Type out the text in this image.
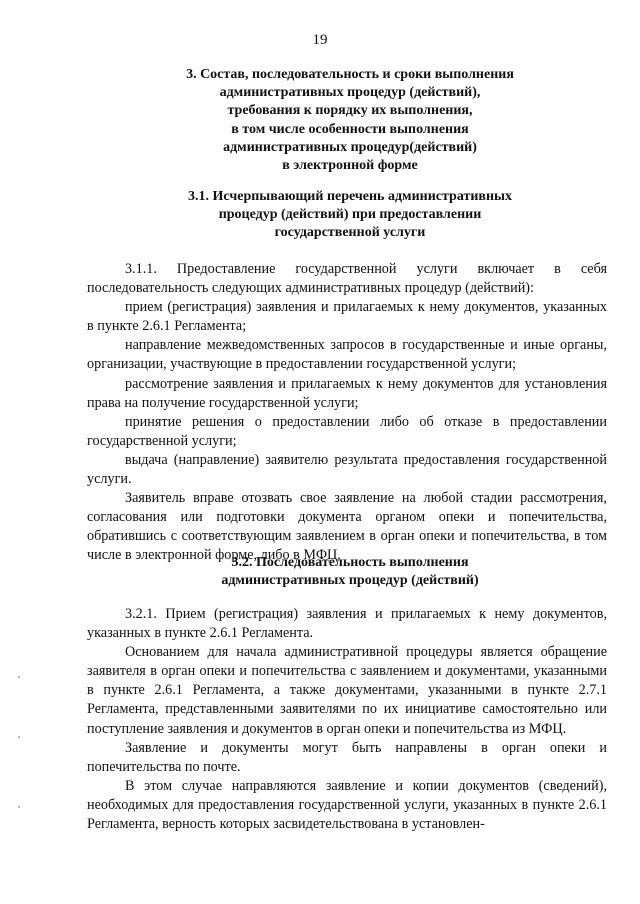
19
3. Состав, последовательность и сроки выполнения
административных процедур (действий),
требования к порядку их выполнения,
в том числе особенности выполнения
административных процедур(действий)
в электронной форме
3.1. Исчерпывающий перечень административных
процедур (действий) при предоставлении
государственной услуги

3.1.1. Предоставление государственной услуги включает в себя последовательность следующих административных процедур (действий):

прием (регистрация) заявления и прилагаемых к нему документов, указанных в пункте 2.6.1 Регламента;

направление межведомственных запросов в государственные и иные органы, организации, участвующие в предоставлении государственной услуги;

рассмотрение заявления и прилагаемых к нему документов для установления права на получение государственной услуги;

принятие решения о предоставлении либо об отказе в предоставлении государственной услуги;

выдача (направление) заявителю результата предоставления государственной услуги.

Заявитель вправе отозвать свое заявление на любой стадии рассмотрения, согласования или подготовки документа органом опеки и попечительства, обратившись с соответствующим заявлением в орган опеки и попечительства, в том числе в электронной форме, либо в МФЦ.

3.2. Последовательность выполнения
административных процедур (действий)

3.2.1. Прием (регистрация) заявления и прилагаемых к нему документов, указанных в пункте 2.6.1 Регламента.

Основанием для начала административной процедуры является обращение заявителя в орган опеки и попечительства с заявлением и документами, указанными в пункте 2.6.1 Регламента, а также документами, указанными в пункте 2.7.1 Регламента, представленными заявителями по их инициативе самостоятельно или поступление заявления и документов в орган опеки и попечительства из МФЦ.

Заявление и документы могут быть направлены в орган опеки и попечительства по почте.

В этом случае направляются заявление и копии документов (сведений), необходимых для предоставления государственной услуги, указанных в пункте 2.6.1 Регламента, верность которых засвидетельствована в установлен-
